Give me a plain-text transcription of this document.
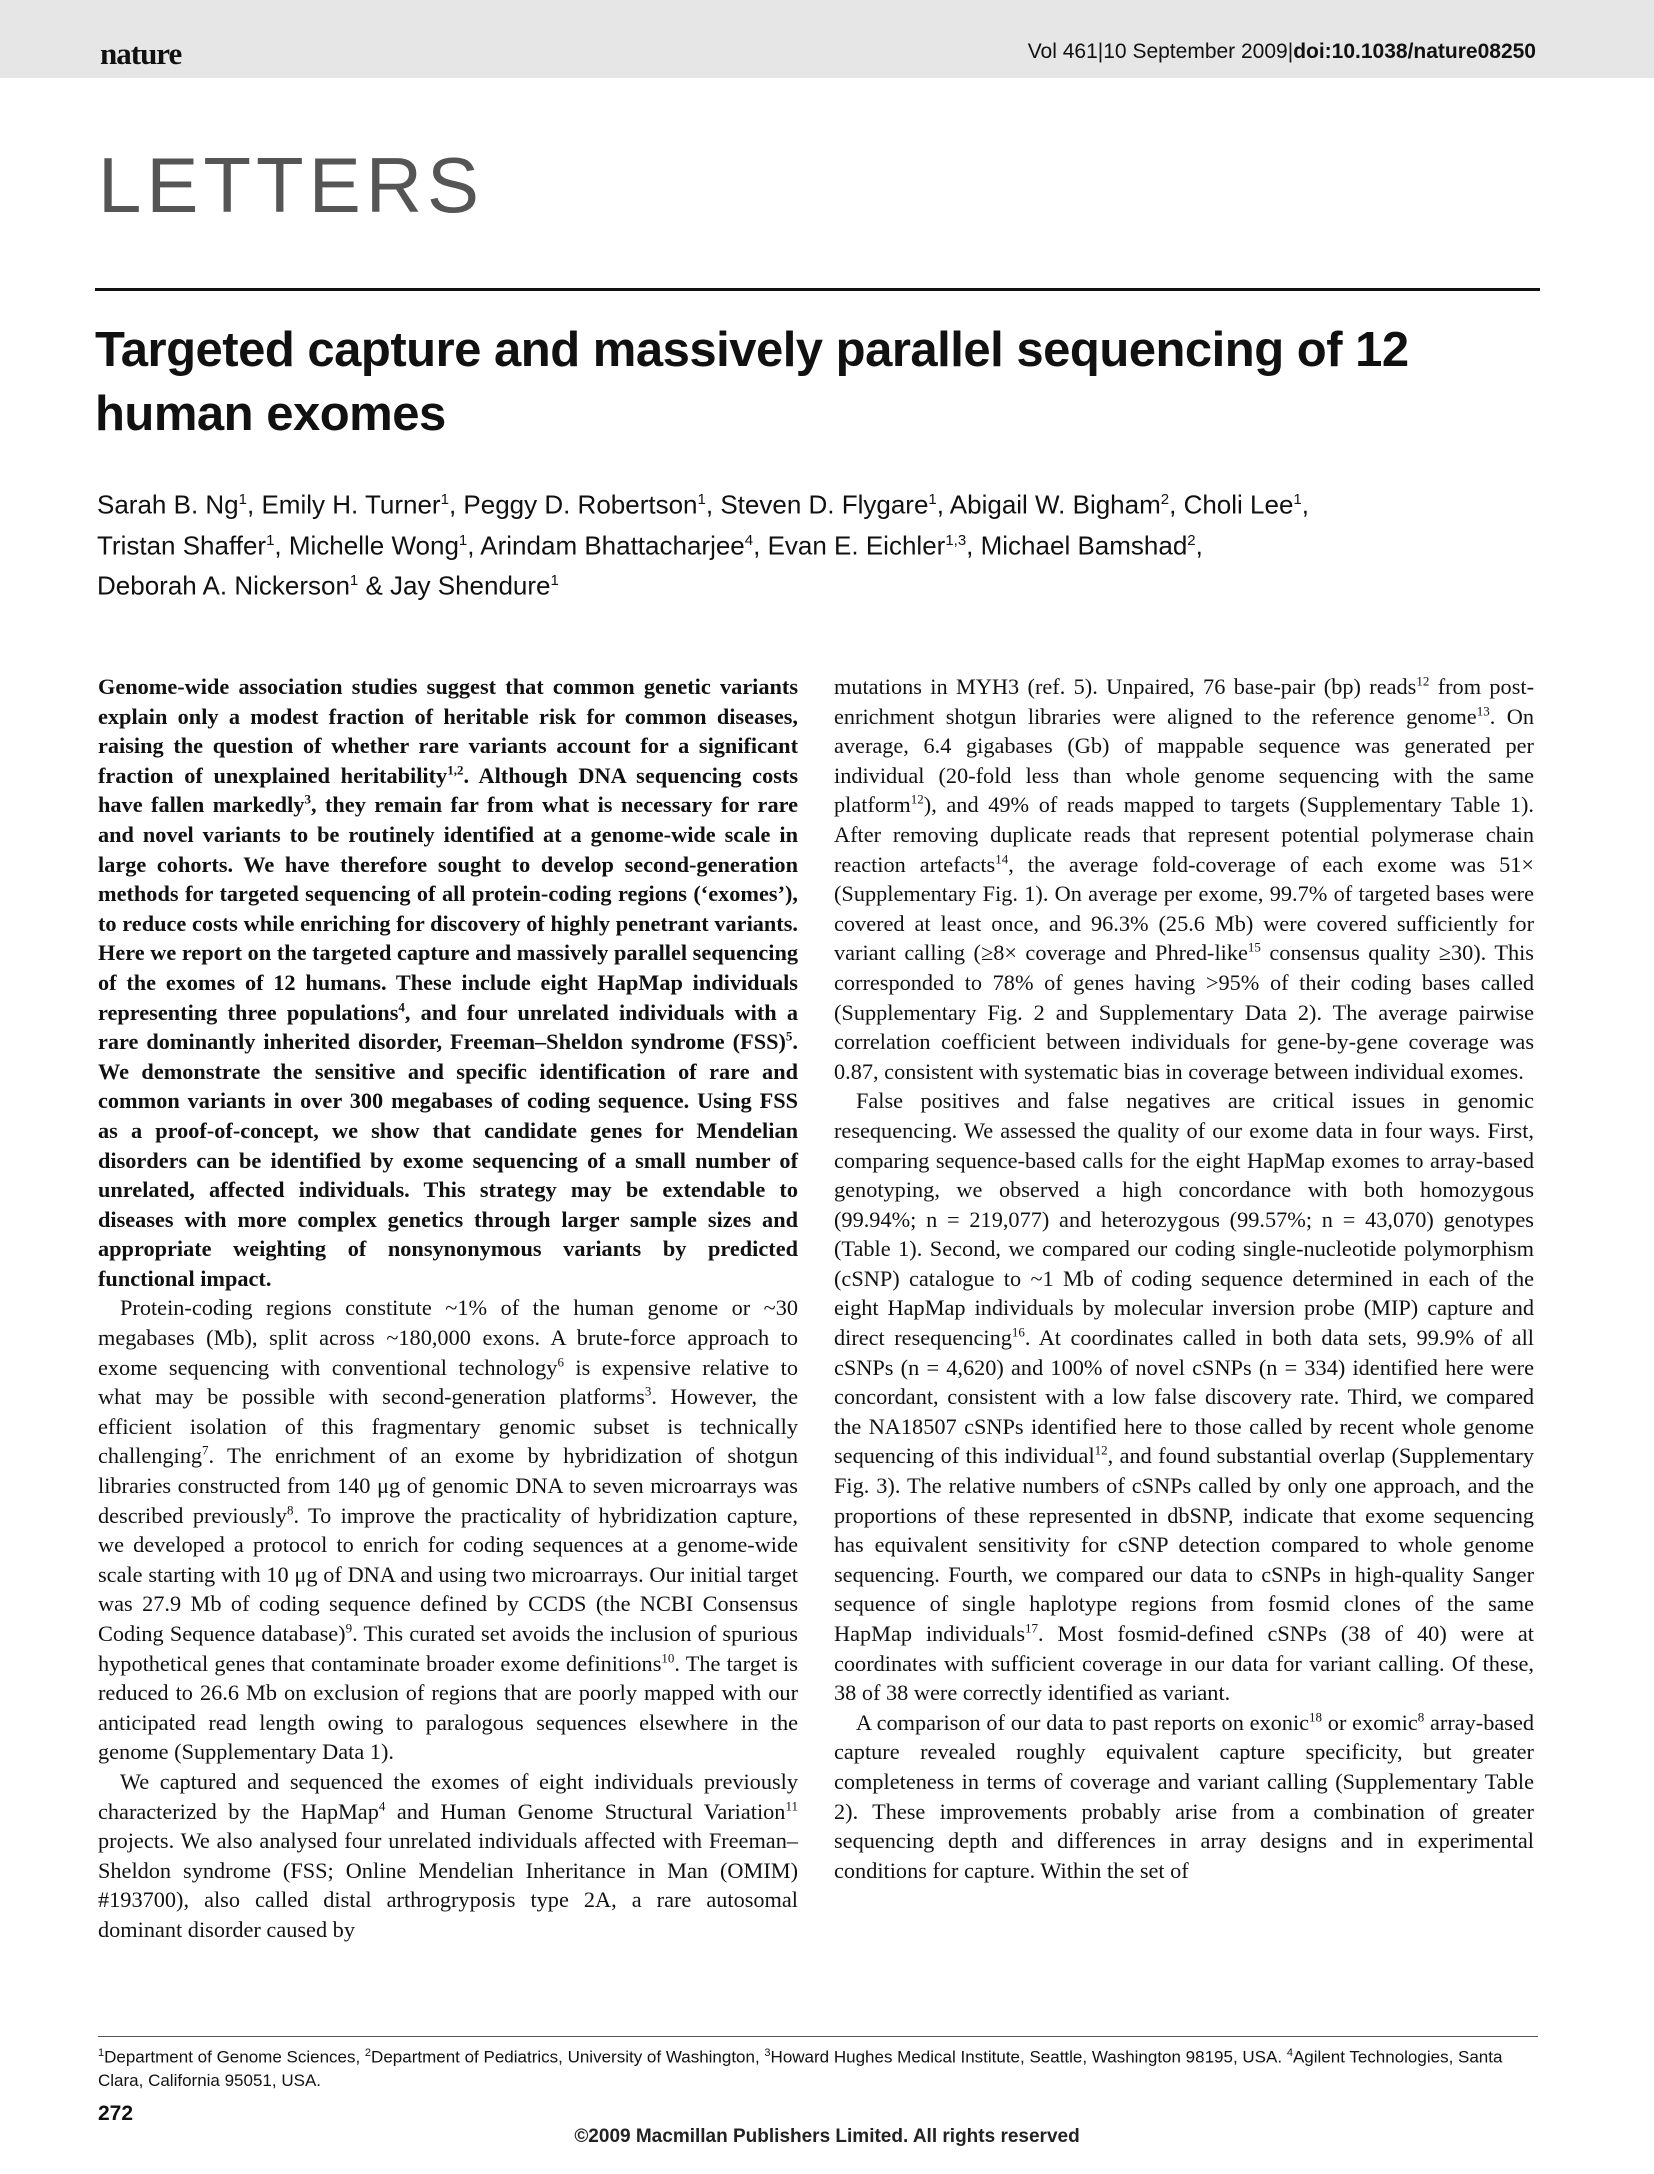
nature	Vol 461|10 September 2009|doi:10.1038/nature08250
LETTERS
Targeted capture and massively parallel sequencing of 12 human exomes
Sarah B. Ng$^1$, Emily H. Turner$^1$, Peggy D. Robertson$^1$, Steven D. Flygare$^1$, Abigail W. Bigham$^2$, Choli Lee$^1$,
Tristan Shaffer$^1$, Michelle Wong$^1$, Arindam Bhattacharjee$^4$, Evan E. Eichler$^{1,3}$, Michael Bamshad$^2$,
Deborah A. Nickerson$^1$ & Jay Shendure$^1$

Genome-wide association studies suggest that common genetic variants explain only a modest fraction of heritable risk for common diseases, raising the question of whether rare variants account for a significant fraction of unexplained heritability$^{1,2}$. Although DNA sequencing costs have fallen markedly$^3$, they remain far from what is necessary for rare and novel variants to be routinely identified at a genome-wide scale in large cohorts. We have therefore sought to develop second-generation methods for targeted sequencing of all protein-coding regions (‘exomes’), to reduce costs while enriching for discovery of highly penetrant variants. Here we report on the targeted capture and massively parallel sequencing of the exomes of 12 humans. These include eight HapMap individuals representing three populations$^4$, and four unrelated individuals with a rare dominantly inherited disorder, Freeman–Sheldon syndrome (FSS)$^5$. We demonstrate the sensitive and specific identification of rare and common variants in over 300 megabases of coding sequence. Using FSS as a proof-of-concept, we show that candidate genes for Mendelian disorders can be identified by exome sequencing of a small number of unrelated, affected individuals. This strategy may be extendable to diseases with more complex genetics through larger sample sizes and appropriate weighting of nonsynonymous variants by predicted functional impact.

Protein-coding regions constitute ~1% of the human genome or ~30 megabases (Mb), split across ~180,000 exons. A brute-force approach to exome sequencing with conventional technology$^6$ is expensive relative to what may be possible with second-generation platforms$^3$. However, the efficient isolation of this fragmentary genomic subset is technically challenging$^7$. The enrichment of an exome by hybridization of shotgun libraries constructed from 140 μg of genomic DNA to seven microarrays was described previously$^8$. To improve the practicality of hybridization capture, we developed a protocol to enrich for coding sequences at a genome-wide scale starting with 10 μg of DNA and using two microarrays. Our initial target was 27.9 Mb of coding sequence defined by CCDS (the NCBI Consensus Coding Sequence database)$^9$. This curated set avoids the inclusion of spurious hypothetical genes that contaminate broader exome definitions$^{10}$. The target is reduced to 26.6 Mb on exclusion of regions that are poorly mapped with our anticipated read length owing to paralogous sequences elsewhere in the genome (Supplementary Data 1).

We captured and sequenced the exomes of eight individuals previously characterized by the HapMap$^4$ and Human Genome Structural Variation$^{11}$ projects. We also analysed four unrelated individuals affected with Freeman–Sheldon syndrome (FSS; Online Mendelian Inheritance in Man (OMIM) #193700), also called distal arthrogryposis type 2A, a rare autosomal dominant disorder caused by

mutations in MYH3 (ref. 5). Unpaired, 76 base-pair (bp) reads$^{12}$ from post-enrichment shotgun libraries were aligned to the reference genome$^{13}$. On average, 6.4 gigabases (Gb) of mappable sequence was generated per individual (20-fold less than whole genome sequencing with the same platform$^{12}$), and 49% of reads mapped to targets (Supplementary Table 1). After removing duplicate reads that represent potential polymerase chain reaction artefacts$^{14}$, the average fold-coverage of each exome was 51× (Supplementary Fig. 1). On average per exome, 99.7% of targeted bases were covered at least once, and 96.3% (25.6 Mb) were covered sufficiently for variant calling (≥8× coverage and Phred-like$^{15}$ consensus quality ≥30). This corresponded to 78% of genes having >95% of their coding bases called (Supplementary Fig. 2 and Supplementary Data 2). The average pairwise correlation coefficient between individuals for gene-by-gene coverage was 0.87, consistent with systematic bias in coverage between individual exomes.

False positives and false negatives are critical issues in genomic resequencing. We assessed the quality of our exome data in four ways. First, comparing sequence-based calls for the eight HapMap exomes to array-based genotyping, we observed a high concordance with both homozygous (99.94%; n = 219,077) and heterozygous (99.57%; n = 43,070) genotypes (Table 1). Second, we compared our coding single-nucleotide polymorphism (cSNP) catalogue to ~1 Mb of coding sequence determined in each of the eight HapMap individuals by molecular inversion probe (MIP) capture and direct resequencing$^{16}$. At coordinates called in both data sets, 99.9% of all cSNPs (n = 4,620) and 100% of novel cSNPs (n = 334) identified here were concordant, consistent with a low false discovery rate. Third, we compared the NA18507 cSNPs identified here to those called by recent whole genome sequencing of this individual$^{12}$, and found substantial overlap (Supplementary Fig. 3). The relative numbers of cSNPs called by only one approach, and the proportions of these represented in dbSNP, indicate that exome sequencing has equivalent sensitivity for cSNP detection compared to whole genome sequencing. Fourth, we compared our data to cSNPs in high-quality Sanger sequence of single haplotype regions from fosmid clones of the same HapMap individuals$^{17}$. Most fosmid-defined cSNPs (38 of 40) were at coordinates with sufficient coverage in our data for variant calling. Of these, 38 of 38 were correctly identified as variant.

A comparison of our data to past reports on exonic$^{18}$ or exomic$^8$ array-based capture revealed roughly equivalent capture specificity, but greater completeness in terms of coverage and variant calling (Supplementary Table 2). These improvements probably arise from a combination of greater sequencing depth and differences in array designs and in experimental conditions for capture. Within the set of

$^1$Department of Genome Sciences, $^2$Department of Pediatrics, University of Washington, $^3$Howard Hughes Medical Institute, Seattle, Washington 98195, USA. $^4$Agilent Technologies, Santa Clara, California 95051, USA.
272
©2009 Macmillan Publishers Limited. All rights reserved
